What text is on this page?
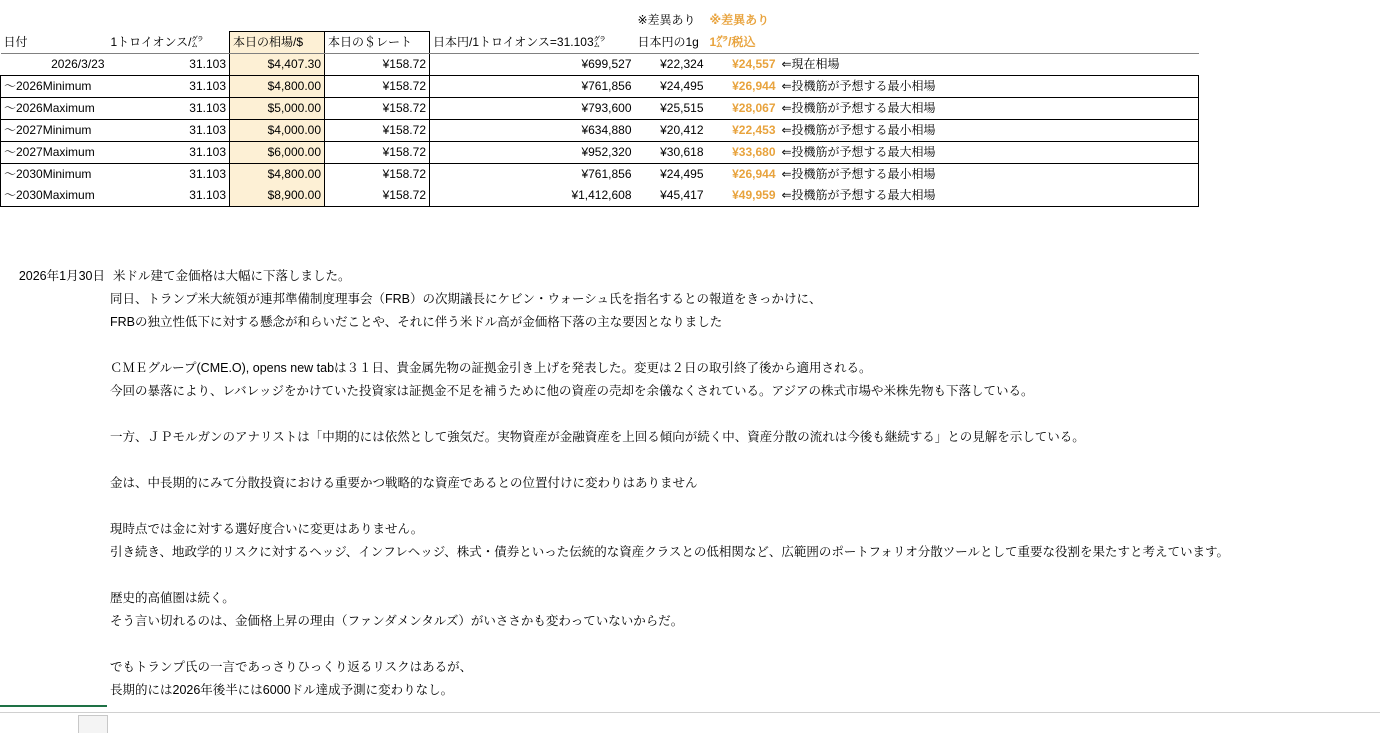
					※差異あり	※差異あり	
日付	1トロイオンス/㌘	本日の相場/$	本日の＄レート	日本円/1トロイオンス=31.103㌘	日本円の1g	1㌘/税込	
2026/3/23	31.103	$4,407.30	¥158.72	¥699,527	¥22,324	¥24,557	⇐現在相場
～2026Minimum	31.103	$4,800.00	¥158.72	¥761,856	¥24,495	¥26,944	⇐投機筋が予想する最小相場
～2026Maximum	31.103	$5,000.00	¥158.72	¥793,600	¥25,515	¥28,067	⇐投機筋が予想する最大相場
～2027Minimum	31.103	$4,000.00	¥158.72	¥634,880	¥20,412	¥22,453	⇐投機筋が予想する最小相場
～2027Maximum	31.103	$6,000.00	¥158.72	¥952,320	¥30,618	¥33,680	⇐投機筋が予想する最大相場
～2030Minimum	31.103	$4,800.00	¥158.72	¥761,856	¥24,495	¥26,944	⇐投機筋が予想する最小相場
～2030Maximum	31.103	$8,900.00	¥158.72	¥1,412,608	¥45,417	¥49,959	⇐投機筋が予想する最大相場
2026年1月30日 米ドル建て金価格は大幅に下落しました。
同日、トランプ米大統領が連邦準備制度理事会（FRB）の次期議長にケビン・ウォーシュ氏を指名するとの報道をきっかけに、
FRBの独立性低下に対する懸念が和らいだことや、それに伴う米ドル高が金価格下落の主な要因となりました
ＣＭＥグループ(CME.O), opens new tabは３１日、貴金属先物の証拠金引き上げを発表した。変更は２日の取引終了後から適用される。
今回の暴落により、レバレッジをかけていた投資家は証拠金不足を補うために他の資産の売却を余儀なくされている。アジアの株式市場や米株先物も下落している。
一方、ＪＰモルガンのアナリストは「中期的には依然として強気だ。実物資産が金融資産を上回る傾向が続く中、資産分散の流れは今後も継続する」との見解を示している。
金は、中長期的にみて分散投資における重要かつ戦略的な資産であるとの位置付けに変わりはありません
現時点では金に対する選好度合いに変更はありません。
引き続き、地政学的リスクに対するヘッジ、インフレヘッジ、株式・債券といった伝統的な資産クラスとの低相関など、広範囲のポートフォリオ分散ツールとして重要な役割を果たすと考えています。
歴史的高値圏は続く。
そう言い切れるのは、金価格上昇の理由（ファンダメンタルズ）がいささかも変わっていないからだ。
でもトランプ氏の一言であっさりひっくり返るリスクはあるが、
長期的には2026年後半には6000ドル達成予測に変わりなし。
